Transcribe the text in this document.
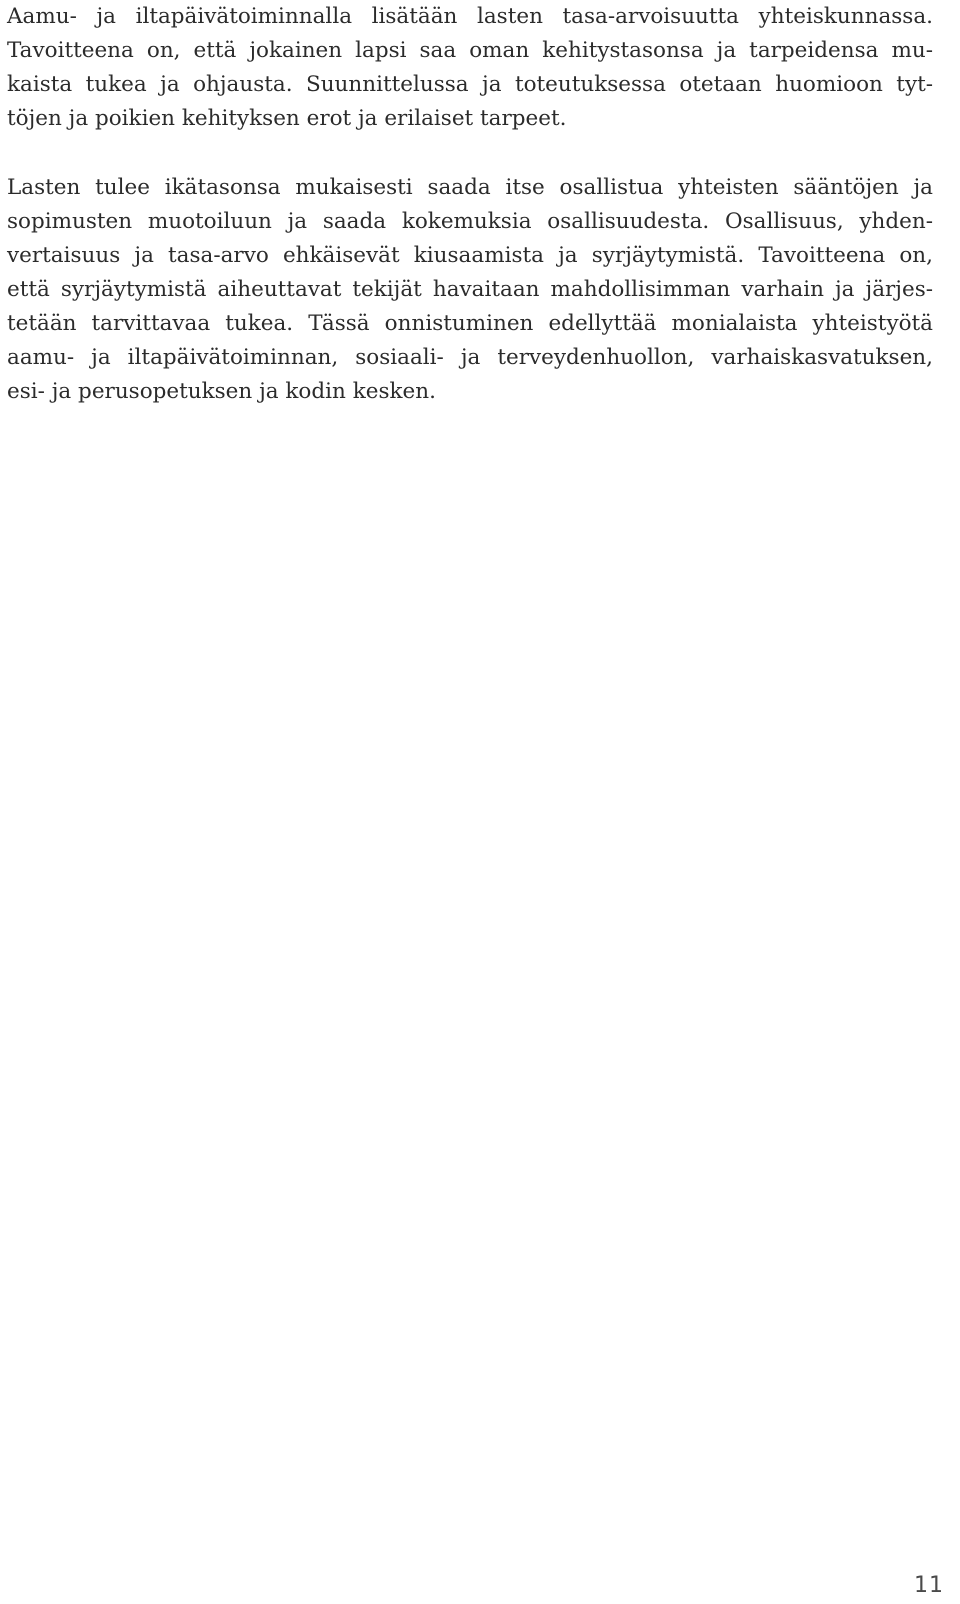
Aamu- ja iltapäivätoiminnalla lisätään lasten tasa-arvoisuutta yhteiskunnassa.
Tavoitteena on, että jokainen lapsi saa oman kehitystasonsa ja tarpeidensa mu-
kaista tukea ja ohjausta. Suunnittelussa ja toteutuksessa otetaan huomioon tyt-
töjen ja poikien kehityksen erot ja erilaiset tarpeet.
Lasten tulee ikätasonsa mukaisesti saada itse osallistua yhteisten sääntöjen ja
sopimusten muotoiluun ja saada kokemuksia osallisuudesta. Osallisuus, yhden-
vertaisuus ja tasa-arvo ehkäisevät kiusaamista ja syrjäytymistä. Tavoitteena on,
että syrjäytymistä aiheuttavat tekijät havaitaan mahdollisimman varhain ja järjes-
tetään tarvittavaa tukea. Tässä onnistuminen edellyttää monialaista yhteistyötä
aamu- ja iltapäivätoiminnan, sosiaali- ja terveydenhuollon, varhaiskasvatuksen,
esi- ja perusopetuksen ja kodin kesken.
11
